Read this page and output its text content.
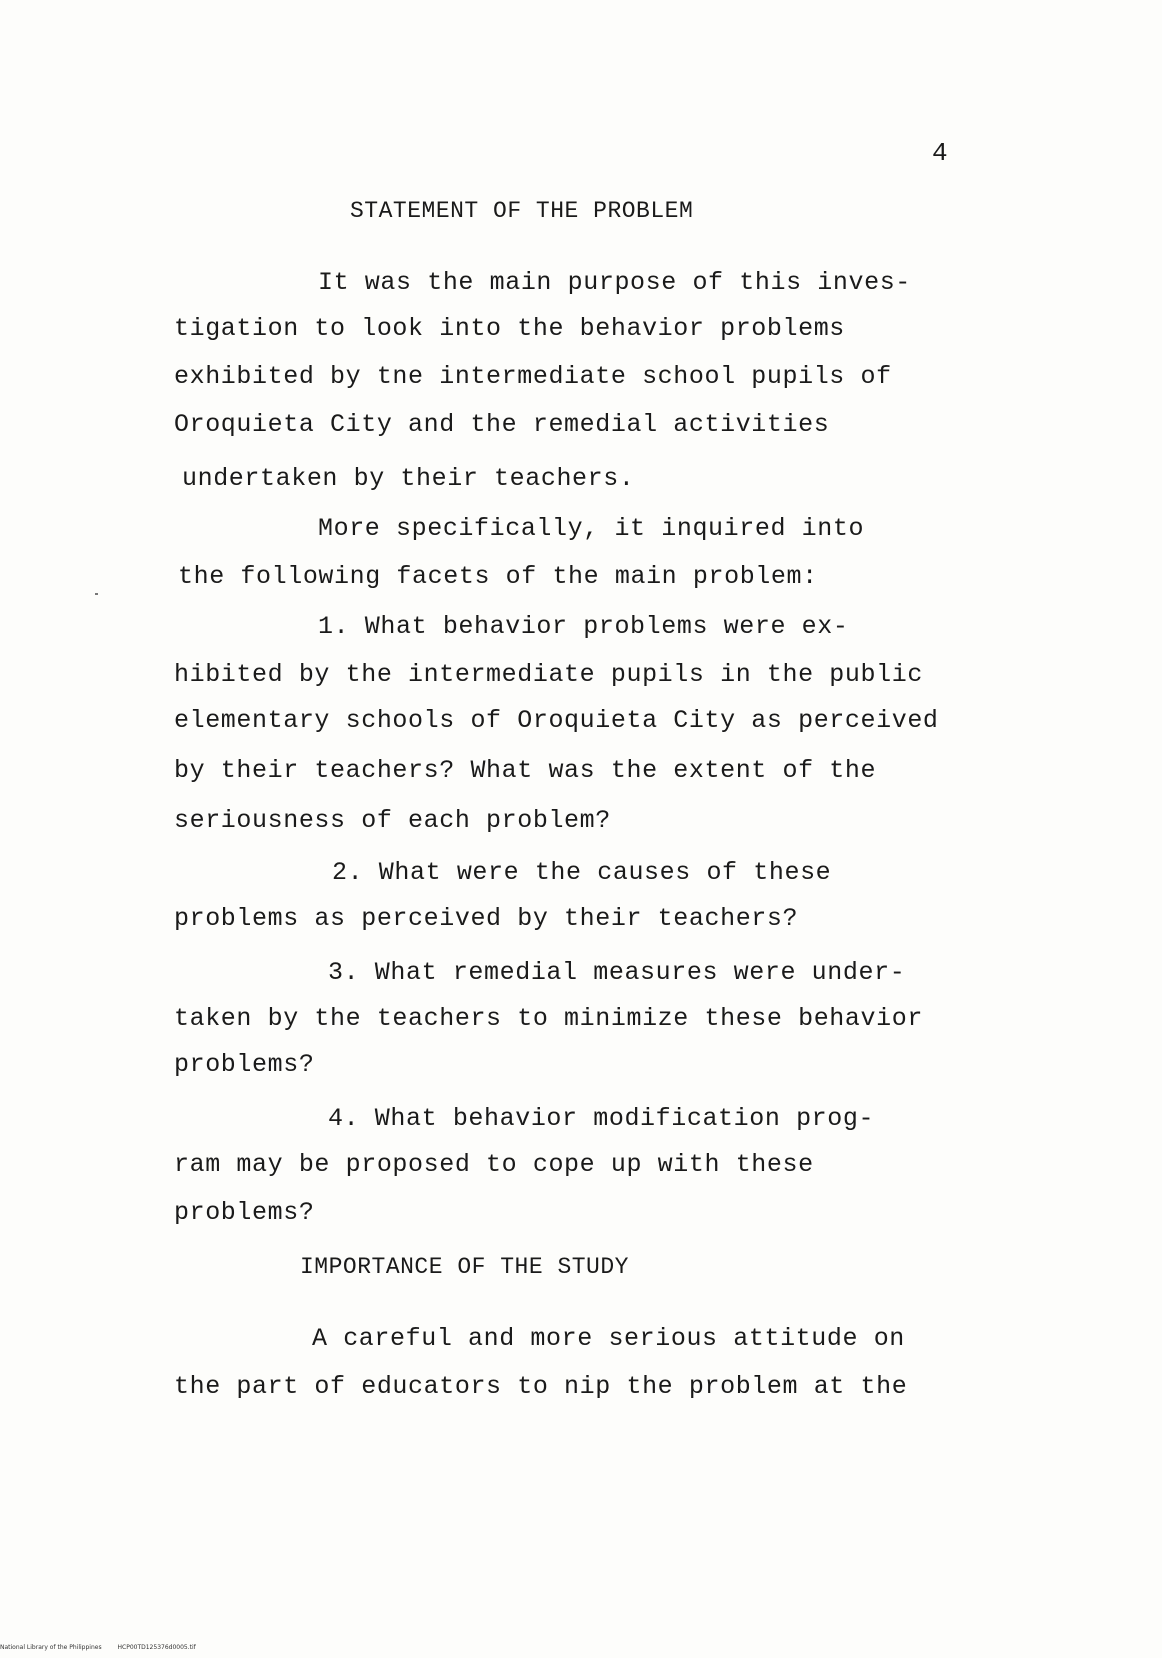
4
STATEMENT OF THE PROBLEM
It was the main purpose of this inves-
tigation to look into the behavior problems
exhibited by tne intermediate school pupils of
Oroquieta City and the remedial activities
undertaken by their teachers.
More specifically, it inquired into
the following facets of the main problem:
1. What behavior problems were ex-
hibited by the intermediate pupils in the public
elementary schools of Oroquieta City as perceived
by their teachers? What was the extent of the
seriousness of each problem?
2. What were the causes of these
problems as perceived by their teachers?
3. What remedial measures were under-
taken by the teachers to minimize these behavior
problems?
4. What behavior modification prog-
ram may be proposed to cope up with these
problems?
IMPORTANCE OF THE STUDY
A careful and more serious attitude on
the part of educators to nip the problem at the
National Library of the Philippines	HCP00TD125376d0005.tif
